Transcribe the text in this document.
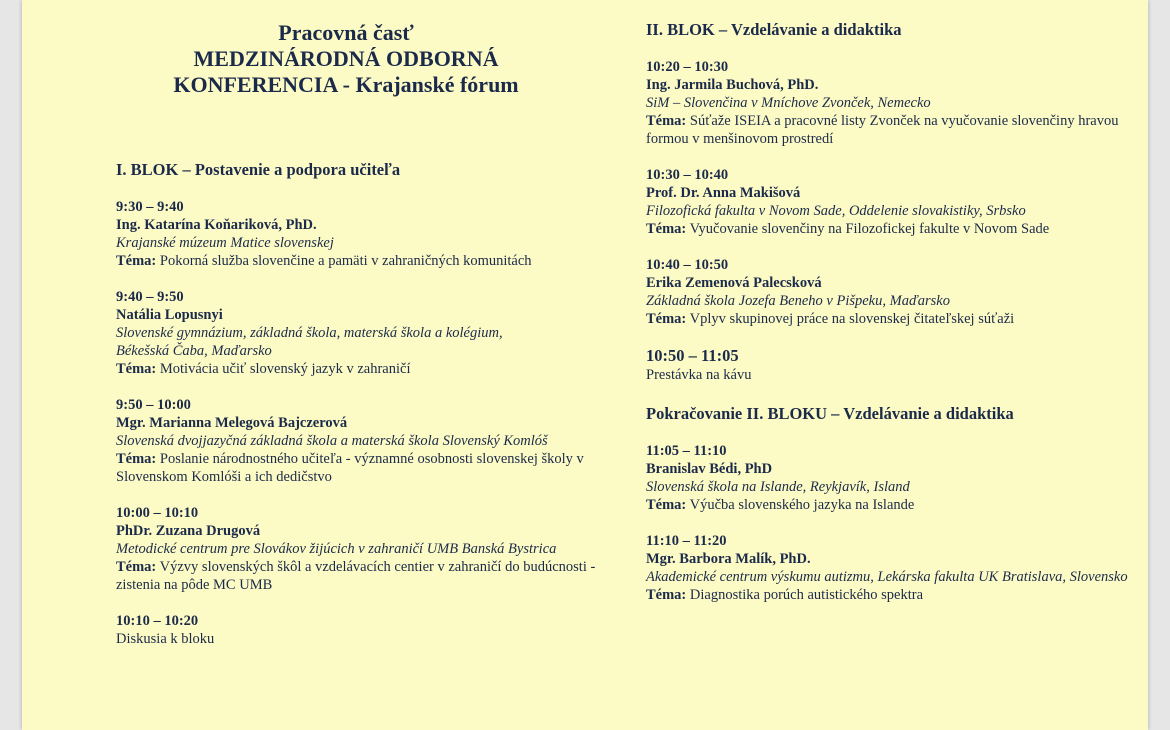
Pracovná časť
MEDZINÁRODNÁ ODBORNÁ
KONFERENCIA - Krajanské fórum
I. BLOK – Postavenie a podpora učiteľa
9:30 – 9:40
Ing. Katarína Koňariková, PhD.
Krajanské múzeum Matice slovenskej
Téma: Pokorná služba slovenčine a pamäti v zahraničných komunitách
9:40 – 9:50
Natália Lopusnyi
Slovenské gymnázium, základná škola, materská škola a kolégium, Békešská Čaba, Maďarsko
Téma: Motivácia učiť slovenský jazyk v zahraničí
9:50 – 10:00
Mgr. Marianna Melegová Bajczerová
Slovenská dvojjazyčná základná škola a materská škola Slovenský Komlóš
Téma: Poslanie národnostného učiteľa - významné osobnosti slovenskej školy v Slovenskom Komlóši a ich dedičstvo
10:00 – 10:10
PhDr. Zuzana Drugová
Metodické centrum pre Slovákov žijúcich v zahraničí UMB Banská Bystrica
Téma: Výzvy slovenských škôl a vzdelávacích centier v zahraničí do budúcnosti - zistenia na pôde MC UMB
10:10 – 10:20
Diskusia k bloku
II. BLOK – Vzdelávanie a didaktika
10:20 – 10:30
Ing. Jarmila Buchová, PhD.
SiM – Slovenčina v Mníchove Zvonček, Nemecko
Téma: Súťaže ISEIA a pracovné listy Zvonček na vyučovanie slovenčiny hravou formou v menšinovom prostredí
10:30 – 10:40
Prof. Dr. Anna Makišová
Filozofická fakulta v Novom Sade, Oddelenie slovakistiky, Srbsko
Téma: Vyučovanie slovenčiny na Filozofickej fakulte v Novom Sade
10:40 – 10:50
Erika Zemenová Palecsková
Základná škola Jozefa Beneho v Pišpeku, Maďarsko
Téma: Vplyv skupinovej práce na slovenskej čitateľskej súťaži
10:50 – 11:05
Prestávka na kávu
Pokračovanie II. BLOKU – Vzdelávanie a didaktika
11:05 – 11:10
Branislav Bédi, PhD
Slovenská škola na Islande, Reykjavík, Island
Téma: Výučba slovenského jazyka na Islande
11:10 – 11:20
Mgr. Barbora Malík, PhD.
Akademické centrum výskumu autizmu, Lekárska fakulta UK Bratislava, Slovensko
Téma: Diagnostika porúch autistického spektra
